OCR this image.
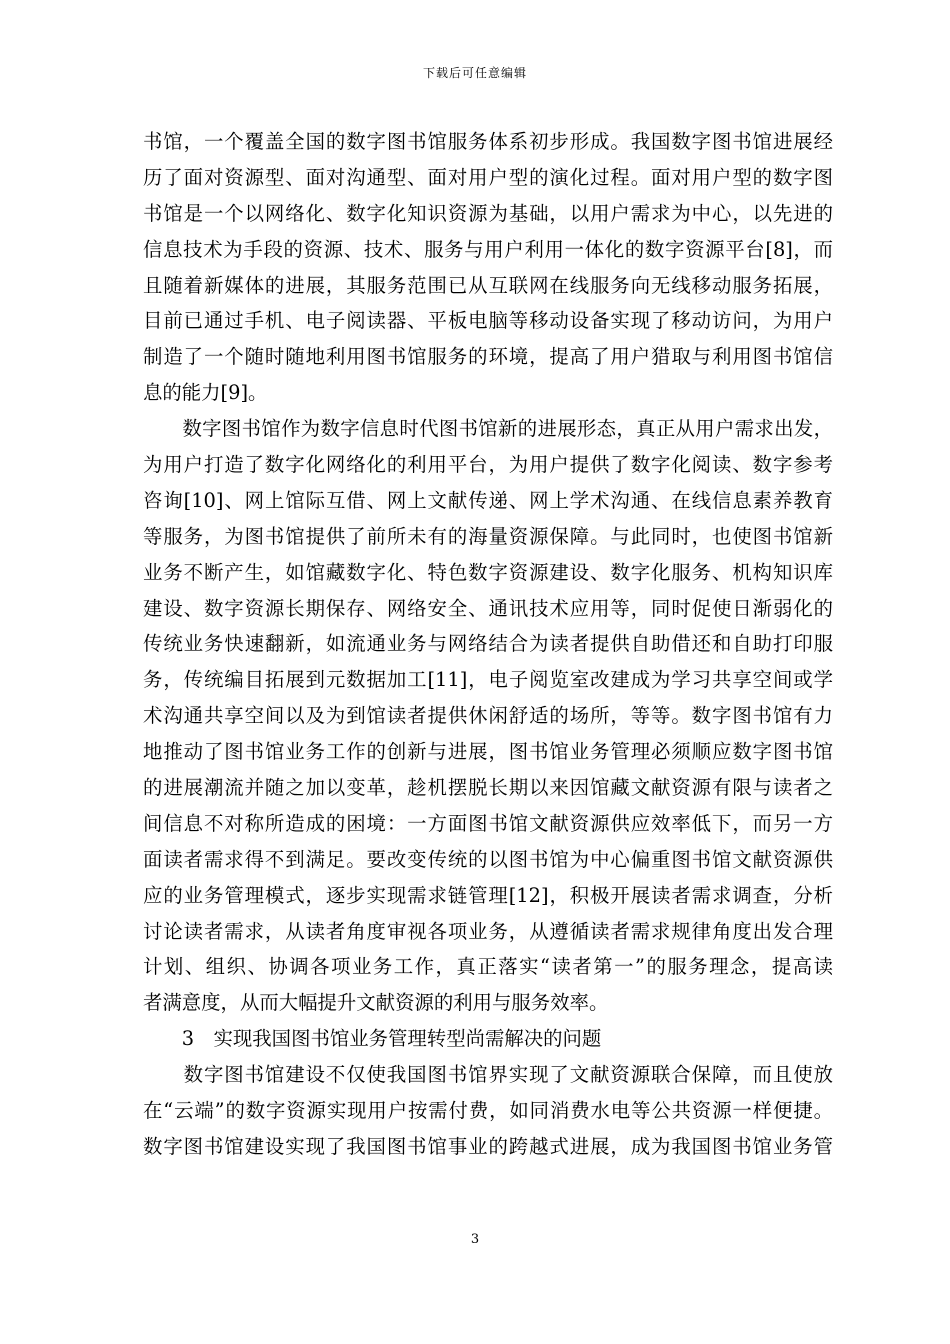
下载后可任意编辑
书馆，一个覆盖全国的数字图书馆服务体系初步形成。我国数字图书馆进展经
历了面对资源型、面对沟通型、面对用户型的演化过程。面对用户型的数字图
书馆是一个以网络化、数字化知识资源为基础，以用户需求为中心，以先进的
信息技术为手段的资源、技术、服务与用户利用一体化的数字资源平台[8]，而
且随着新媒体的进展，其服务范围已从互联网在线服务向无线移动服务拓展，
目前已通过手机、电子阅读器、平板电脑等移动设备实现了移动访问，为用户
制造了一个随时随地利用图书馆服务的环境，提高了用户猎取与利用图书馆信
息的能力[9]。
　　数字图书馆作为数字信息时代图书馆新的进展形态，真正从用户需求出发，
为用户打造了数字化网络化的利用平台，为用户提供了数字化阅读、数字参考
咨询[10]、网上馆际互借、网上文献传递、网上学术沟通、在线信息素养教育
等服务，为图书馆提供了前所未有的海量资源保障。与此同时，也使图书馆新
业务不断产生，如馆藏数字化、特色数字资源建设、数字化服务、机构知识库
建设、数字资源长期保存、网络安全、通讯技术应用等，同时促使日渐弱化的
传统业务快速翻新，如流通业务与网络结合为读者提供自助借还和自助打印服
务，传统编目拓展到元数据加工[11]，电子阅览室改建成为学习共享空间或学
术沟通共享空间以及为到馆读者提供休闲舒适的场所，等等。数字图书馆有力
地推动了图书馆业务工作的创新与进展，图书馆业务管理必须顺应数字图书馆
的进展潮流并随之加以变革，趁机摆脱长期以来因馆藏文献资源有限与读者之
间信息不对称所造成的困境：一方面图书馆文献资源供应效率低下，而另一方
面读者需求得不到满足。要改变传统的以图书馆为中心偏重图书馆文献资源供
应的业务管理模式，逐步实现需求链管理[12]，积极开展读者需求调查，分析
讨论读者需求，从读者角度审视各项业务，从遵循读者需求规律角度出发合理
计划、组织、协调各项业务工作，真正落实“读者第一”的服务理念，提高读
者满意度，从而大幅提升文献资源的利用与服务效率。
　　3　实现我国图书馆业务管理转型尚需解决的问题
　　数字图书馆建设不仅使我国图书馆界实现了文献资源联合保障，而且使放
在“云端”的数字资源实现用户按需付费，如同消费水电等公共资源一样便捷。
数字图书馆建设实现了我国图书馆事业的跨越式进展，成为我国图书馆业务管
3
